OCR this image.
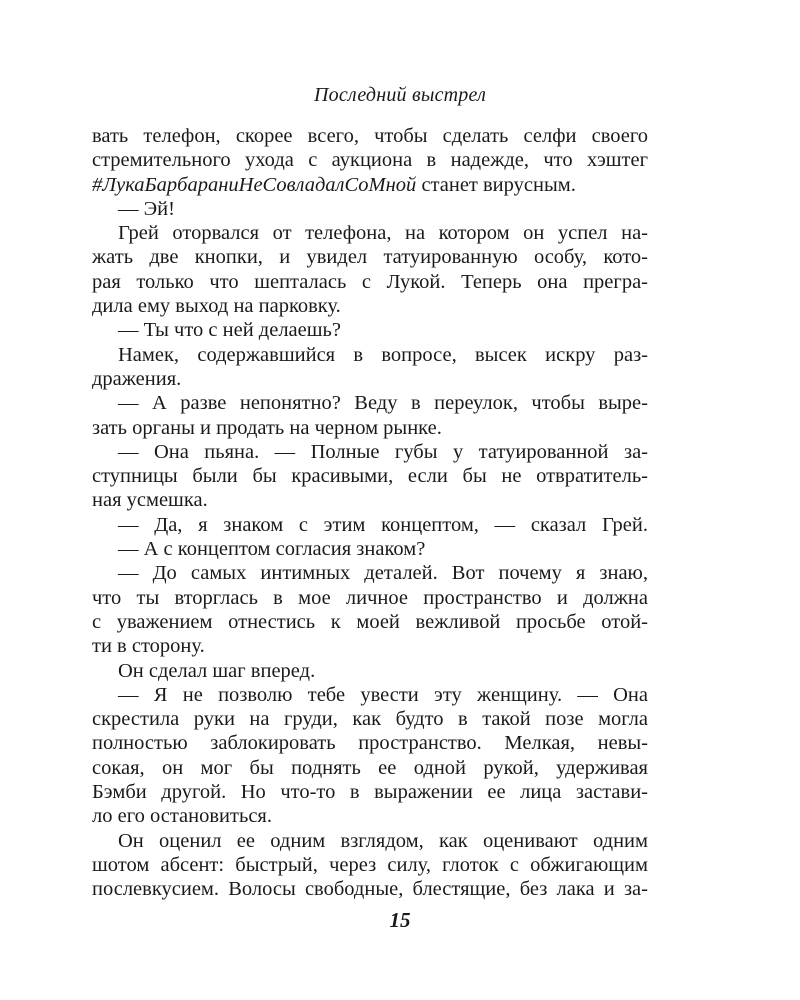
Последний выстрел
вать телефон, скорее всего, чтобы сделать селфи своего
стремительного ухода с аукциона в надежде, что хэштег
#ЛукаБарбараниНеСовладалСоМной станет вирусным.
— Эй!
Грей оторвался от телефона, на котором он успел на-
жать две кнопки, и увидел татуированную особу, кото-
рая только что шепталась с Лукой. Теперь она прегра-
дила ему выход на парковку.
— Ты что с ней делаешь?
Намек, содержавшийся в вопросе, высек искру раз-
дражения.
— А разве непонятно? Веду в переулок, чтобы выре-
зать органы и продать на черном рынке.
— Она пьяна. — Полные губы у татуированной за-
ступницы были бы красивыми, если бы не отвратитель-
ная усмешка.
— Да, я знаком с этим концептом, — сказал Грей.
— А с концептом согласия знаком?
— До самых интимных деталей. Вот почему я знаю,
что ты вторглась в мое личное пространство и должна
с уважением отнестись к моей вежливой просьбе отой-
ти в сторону.
Он сделал шаг вперед.
— Я не позволю тебе увести эту женщину. — Она
скрестила руки на груди, как будто в такой позе могла
полностью заблокировать пространство. Мелкая, невы-
сокая, он мог бы поднять ее одной рукой, удерживая
Бэмби другой. Но что-то в выражении ее лица застави-
ло его остановиться.
Он оценил ее одним взглядом, как оценивают одним
шотом абсент: быстрый, через силу, глоток с обжигающим
послевкусием. Волосы свободные, блестящие, без лака и за-
15
